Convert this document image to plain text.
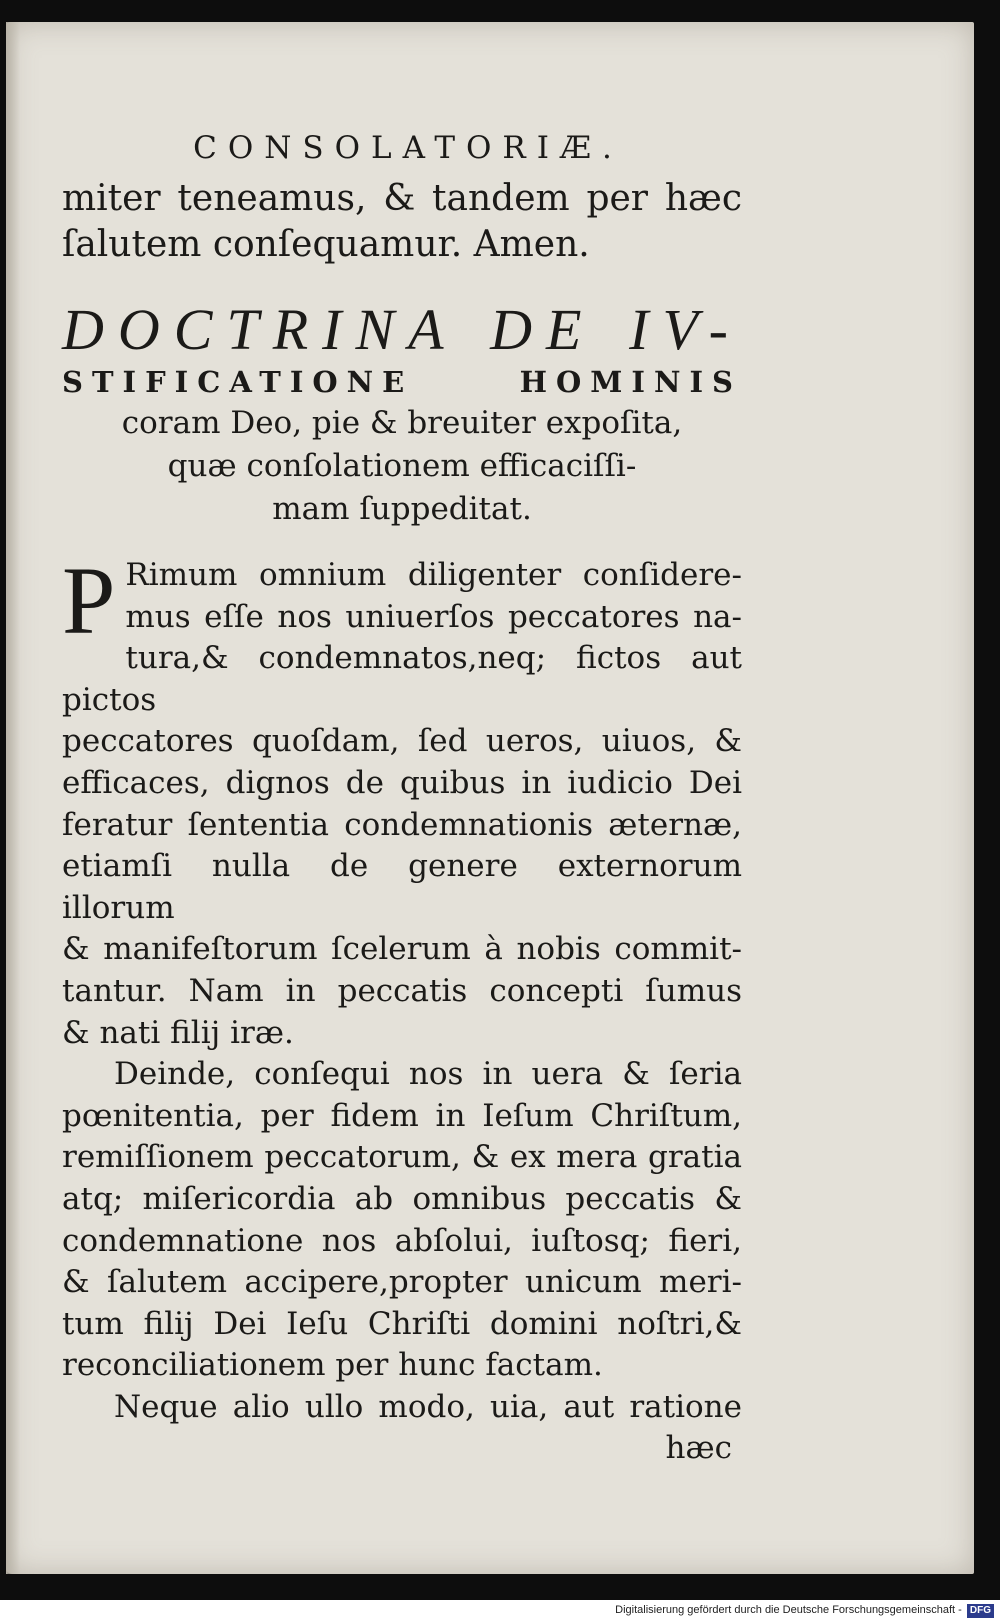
CONSOLATORIÆ.
miter teneamus, & tandem per hæc
ſalutem conſequamur. Amen.
DOCTRINA DE IV-
STIFICATIONE HOMINIS
coram Deo, pie & breuiter expoſita,
quæ conſolationem efficaciſſi-
mam ſuppeditat.
P Rimum omnium diligenter conſidere-
mus eſſe nos uniuerſos peccatores na-
tura,& condemnatos,neq; fictos aut pictos
peccatores quoſdam, ſed ueros, uiuos, &
efficaces, dignos de quibus in iudicio Dei
feratur ſententia condemnationis æternæ,
etiamſi nulla de genere externorum illorum
& manifeſtorum ſcelerum à nobis commit-
tantur. Nam in peccatis concepti ſumus
& nati filij iræ.
Deinde, conſequi nos in uera & ſeria
pœnitentia, per fidem in Ieſum Chriſtum,
remiſſionem peccatorum, & ex mera gratia
atq; miſericordia ab omnibus peccatis &
condemnatione nos abſolui, iuſtosq; fieri,
& ſalutem accipere,propter unicum meri-
tum filij Dei Ieſu Chriſti domini noſtri,&
reconciliationem per hunc factam.
Neque alio ullo modo, uia, aut ratione
hæc
Digitalisierung gefördert durch die Deutsche Forschungsgemeinschaft - DFG
